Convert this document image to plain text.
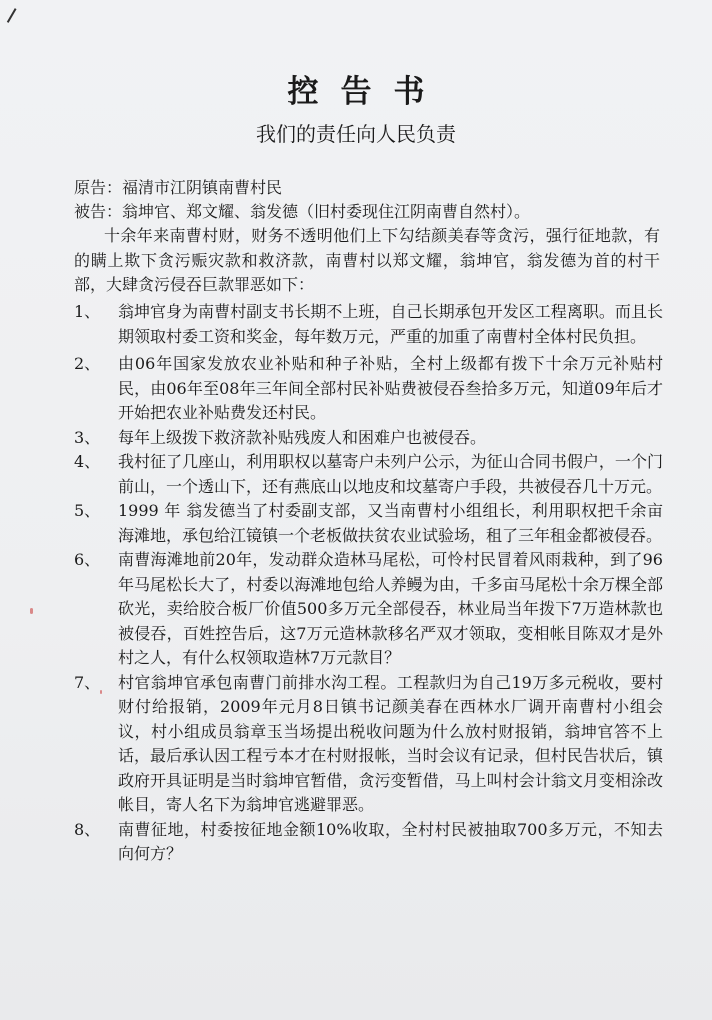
控告书
我们的责任向人民负责
原告：福清市江阴镇南曹村民
被告：翁坤官、郑文耀、翁发德（旧村委现住江阴南曹自然村）。
十余年来南曹村财，财务不透明他们上下勾结颜美春等贪污，强行征地款，有的瞒上欺下贪污赈灾款和救济款，南曹村以郑文耀，翁坤官，翁发德为首的村干部，大肆贪污侵吞巨款罪恶如下：
1、	翁坤官身为南曹村副支书长期不上班，自己长期承包开发区工程离职。而且长期领取村委工资和奖金，每年数万元，严重的加重了南曹村全体村民负担。
2、	由06年国家发放农业补贴和种子补贴，全村上级都有拨下十余万元补贴村民，由06年至08年三年间全部村民补贴费被侵吞叁拾多万元，知道09年后才开始把农业补贴费发还村民。
3、	每年上级拨下救济款补贴残废人和困难户也被侵吞。
4、	我村征了几座山，利用职权以墓寄户未列户公示，为征山合同书假户，一个门前山，一个透山下，还有燕底山以地皮和坟墓寄户手段，共被侵吞几十万元。
5、	1999 年 翁发德当了村委副支部，又当南曹村小组组长，利用职权把千余亩海滩地，承包给江镜镇一个老板做扶贫农业试验场，租了三年租金都被侵吞。
6、	南曹海滩地前20年，发动群众造林马尾松，可怜村民冒着风雨栽种，到了96年马尾松长大了，村委以海滩地包给人养鳗为由，千多亩马尾松十余万棵全部砍光，卖给胶合板厂价值500多万元全部侵吞，林业局当年拨下7万造林款也被侵吞，百姓控告后，这7万元造林款移名严双才领取，变相帐目陈双才是外村之人，有什么权领取造林7万元款目？
7、	村官翁坤官承包南曹门前排水沟工程。工程款归为自己19万多元税收，要村财付给报销，2009年元月8日镇书记颜美春在西林水厂调开南曹村小组会议，村小组成员翁章玉当场提出税收问题为什么放村财报销，翁坤官答不上话，最后承认因工程亏本才在村财报帐，当时会议有记录，但村民告状后，镇政府开具证明是当时翁坤官暂借，贪污变暂借，马上叫村会计翁文月变相涂改帐目，寄人名下为翁坤官逃避罪恶。
8、	南曹征地，村委按征地金额10%收取，全村村民被抽取700多万元，不知去向何方？
